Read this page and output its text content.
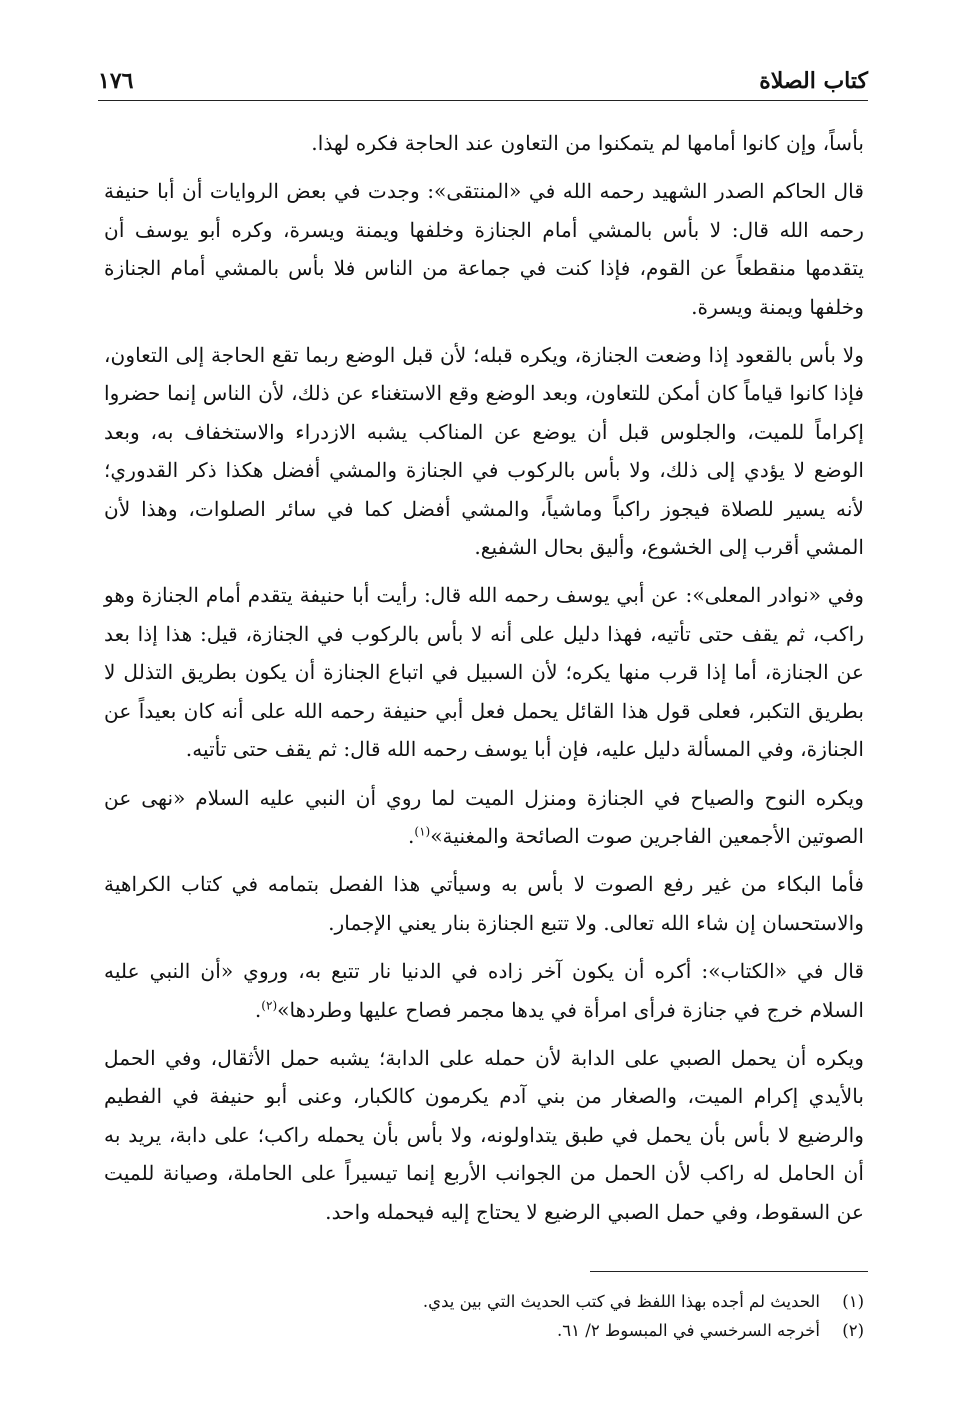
١٧٦	كتاب الصلاة

بأساً، وإن كانوا أمامها لم يتمكنوا من التعاون عند الحاجة فكره لهذا.

قال الحاكم الصدر الشهيد رحمه الله في «المنتقى»: وجدت في بعض الروايات أن أبا حنيفة رحمه الله قال: لا بأس بالمشي أمام الجنازة وخلفها ويمنة ويسرة، وكره أبو يوسف أن يتقدمها منقطعاً عن القوم، فإذا كنت في جماعة من الناس فلا بأس بالمشي أمام الجنازة وخلفها ويمنة ويسرة.

ولا بأس بالقعود إذا وضعت الجنازة، ويكره قبله؛ لأن قبل الوضع ربما تقع الحاجة إلى التعاون، فإذا كانوا قياماً كان أمكن للتعاون، وبعد الوضع وقع الاستغناء عن ذلك، لأن الناس إنما حضروا إكراماً للميت، والجلوس قبل أن يوضع عن المناكب يشبه الازدراء والاستخفاف به، وبعد الوضع لا يؤدي إلى ذلك، ولا بأس بالركوب في الجنازة والمشي أفضل هكذا ذكر القدوري؛ لأنه يسير للصلاة فيجوز راكباً وماشياً، والمشي أفضل كما في سائر الصلوات، وهذا لأن المشي أقرب إلى الخشوع، وأليق بحال الشفيع.

وفي «نوادر المعلى»: عن أبي يوسف رحمه الله قال: رأيت أبا حنيفة يتقدم أمام الجنازة وهو راكب، ثم يقف حتى تأتيه، فهذا دليل على أنه لا بأس بالركوب في الجنازة، قيل: هذا إذا بعد عن الجنازة، أما إذا قرب منها يكره؛ لأن السبيل في اتباع الجنازة أن يكون بطريق التذلل لا بطريق التكبر، فعلى قول هذا القائل يحمل فعل أبي حنيفة رحمه الله على أنه كان بعيداً عن الجنازة، وفي المسألة دليل عليه، فإن أبا يوسف رحمه الله قال: ثم يقف حتى تأتيه.

ويكره النوح والصياح في الجنازة ومنزل الميت لما روي أن النبي عليه السلام «نهى عن الصوتين الأجمعين الفاجرين صوت الصائحة والمغنية»$^{(١)}$.

فأما البكاء من غير رفع الصوت لا بأس به وسيأتي هذا الفصل بتمامه في كتاب الكراهية والاستحسان إن شاء الله تعالى. ولا تتبع الجنازة بنار يعني الإجمار.

قال في «الكتاب»: أكره أن يكون آخر زاده في الدنيا نار تتبع به، وروي «أن النبي عليه السلام خرج في جنازة فرأى امرأة في يدها مجمر فصاح عليها وطردها»$^{(٢)}$.

ويكره أن يحمل الصبي على الدابة لأن حمله على الدابة؛ يشبه حمل الأثقال، وفي الحمل بالأيدي إكرام الميت، والصغار من بني آدم يكرمون كالكبار، وعنى أبو حنيفة في الفطيم والرضيع لا بأس بأن يحمل في طبق يتداولونه، ولا بأس بأن يحمله راكب؛ على دابة، يريد به أن الحامل له راكب لأن الحمل من الجوانب الأربع إنما تيسيراً على الحاملة، وصيانة للميت عن السقوط، وفي حمل الصبي الرضيع لا يحتاج إليه فيحمله واحد.

(١)
الحديث لم أجده بهذا اللفظ في كتب الحديث التي بين يدي.
(٢)
أخرجه السرخسي في المبسوط ٢/ ٦١.
